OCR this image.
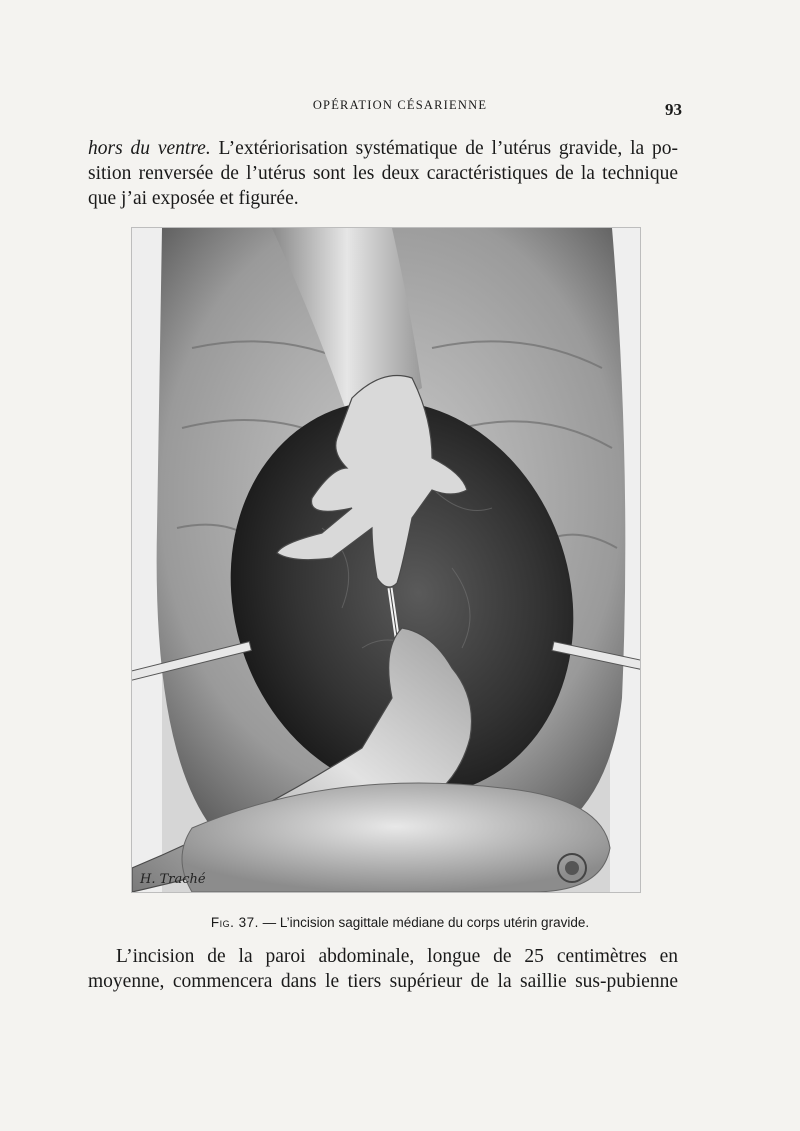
OPÉRATION CÉSARIENNE	93
hors du ventre. L’extériorisation systématique de l’utérus gravide, la po-
sition renversée de l’utérus sont les deux caractéristiques de la technique
que j’ai exposée et figurée.
H. Traché
Fig. 37. — L’incision sagittale médiane du corps utérin gravide.
L’incision de la paroi abdominale, longue de 25 centimètres en
moyenne, commencera dans le tiers supérieur de la saillie sus-pubienne
